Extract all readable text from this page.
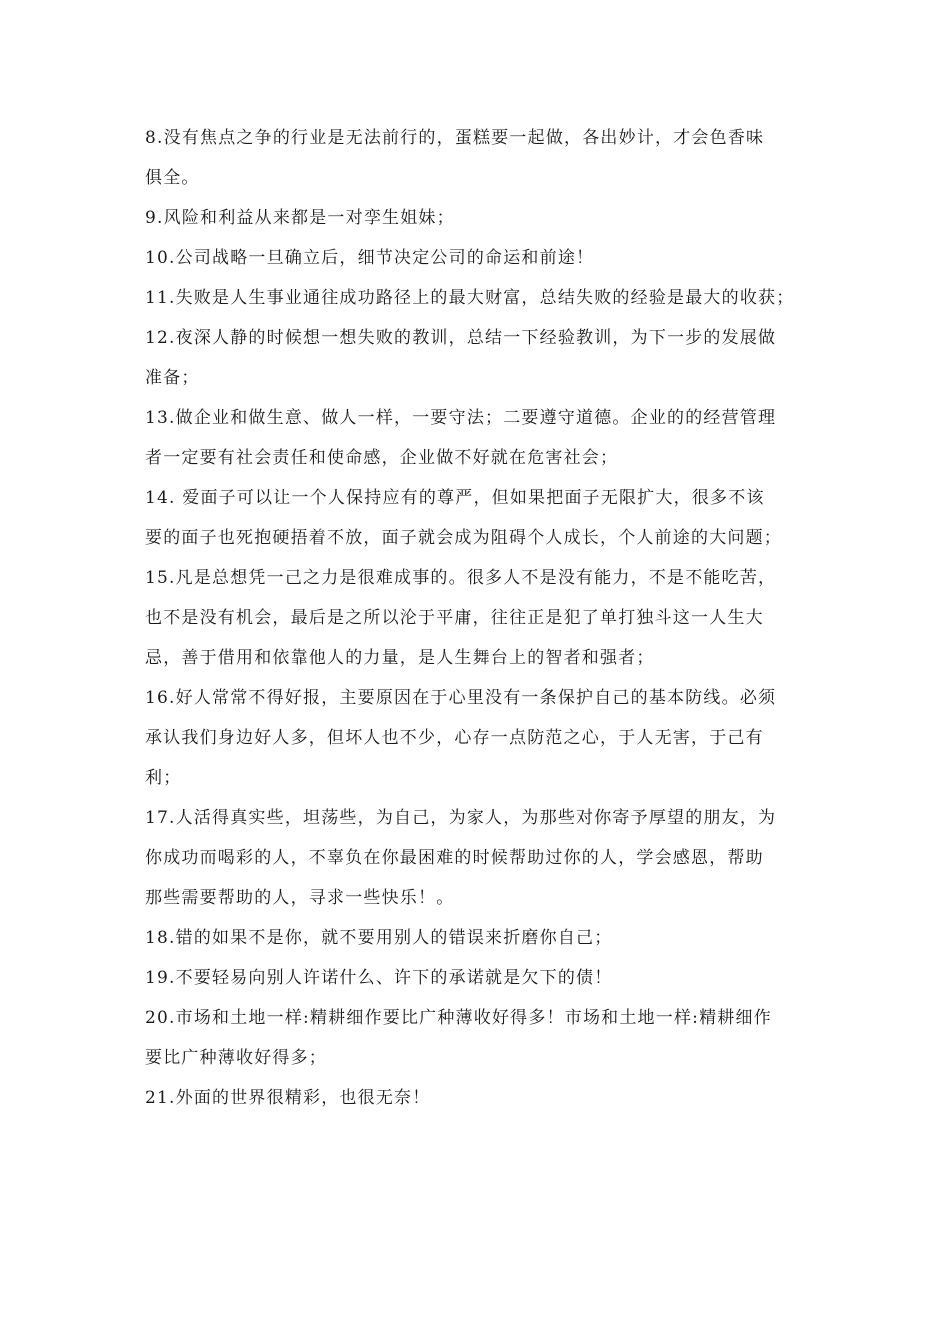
8.没有焦点之争的行业是无法前行的，蛋糕要一起做，各出妙计，才会色香味
俱全。
9.风险和利益从来都是一对孪生姐妹；
10.公司战略一旦确立后，细节决定公司的命运和前途！
11.失败是人生事业通往成功路径上的最大财富，总结失败的经验是最大的收获；
12.夜深人静的时候想一想失败的教训，总结一下经验教训，为下一步的发展做
准备；
13.做企业和做生意、做人一样，一要守法；二要遵守道德。企业的的经营管理
者一定要有社会责任和使命感，企业做不好就在危害社会；
14. 爱面子可以让一个人保持应有的尊严，但如果把面子无限扩大，很多不该
要的面子也死抱硬捂着不放，面子就会成为阻碍个人成长，个人前途的大问题；
15.凡是总想凭一己之力是很难成事的。很多人不是没有能力，不是不能吃苦，
也不是没有机会，最后是之所以沦于平庸，往往正是犯了单打独斗这一人生大
忌，善于借用和依靠他人的力量，是人生舞台上的智者和强者；
16.好人常常不得好报，主要原因在于心里没有一条保护自己的基本防线。必须
承认我们身边好人多，但坏人也不少，心存一点防范之心，于人无害，于己有
利；
17.人活得真实些，坦荡些，为自己，为家人，为那些对你寄予厚望的朋友，为
你成功而喝彩的人，不辜负在你最困难的时候帮助过你的人，学会感恩，帮助
那些需要帮助的人，寻求一些快乐！。
18.错的如果不是你，就不要用别人的错误来折磨你自己；
19.不要轻易向别人许诺什么、许下的承诺就是欠下的债！
20.市场和土地一样:精耕细作要比广种薄收好得多！市场和土地一样:精耕细作
要比广种薄收好得多；
21.外面的世界很精彩，也很无奈！
